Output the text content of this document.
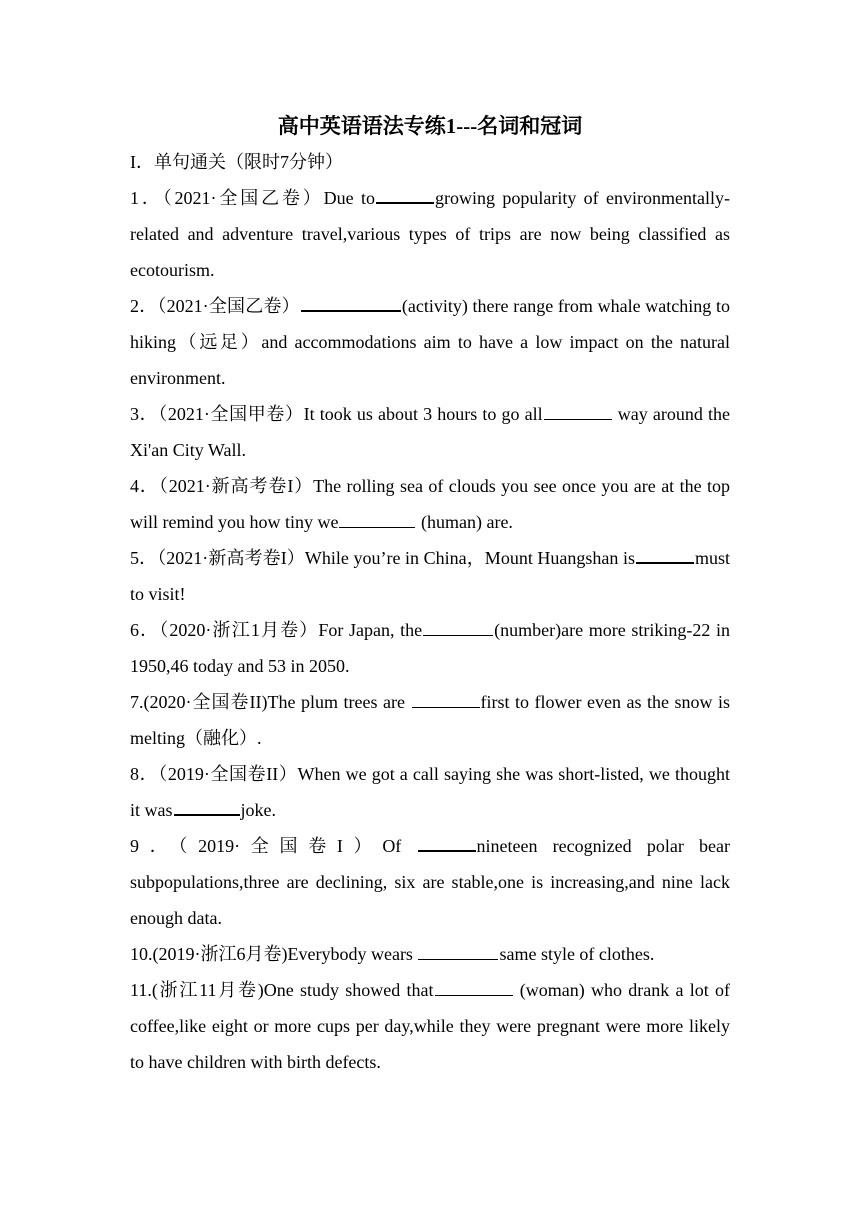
高中英语语法专练1---名词和冠词
I．单句通关（限时7分钟）

1．（2021·全国乙卷）Due to	growing popularity of environmentally-related and adventure travel,various types of trips are now being classified as ecotourism.

2．（2021·全国乙卷）	(activity) there range from whale watching to hiking（远足）and accommodations aim to have a low impact on the natural environment.

3．（2021·全国甲卷）It took us about 3 hours to go all	way around the Xi'an City Wall.

4．（2021·新高考卷I）The rolling sea of clouds you see once you are at the top will remind you how tiny we	(human) are.

5．（2021·新高考卷I）While you’re in China，Mount Huangshan is	must to visit!

6．（2020·浙江1月卷）For Japan, the	(number)are more striking-22 in 1950,46 today and 53 in 2050.

7.(2020·全国卷II)The plum trees are	first to flower even as the snow is melting（融化）.

8．（2019·全国卷II）When we got a call saying she was short-listed, we thought it was	joke.

9．（2019·全国卷I）Of	nineteen recognized polar bear subpopulations,three are declining, six are stable,one is increasing,and nine lack enough data.

10.(2019·浙江6月卷)Everybody wears	same style of clothes.

11.(浙江11月卷)One study showed that	(woman) who drank a lot of coffee,like eight or more cups per day,while they were pregnant were more likely to have children with birth defects.
